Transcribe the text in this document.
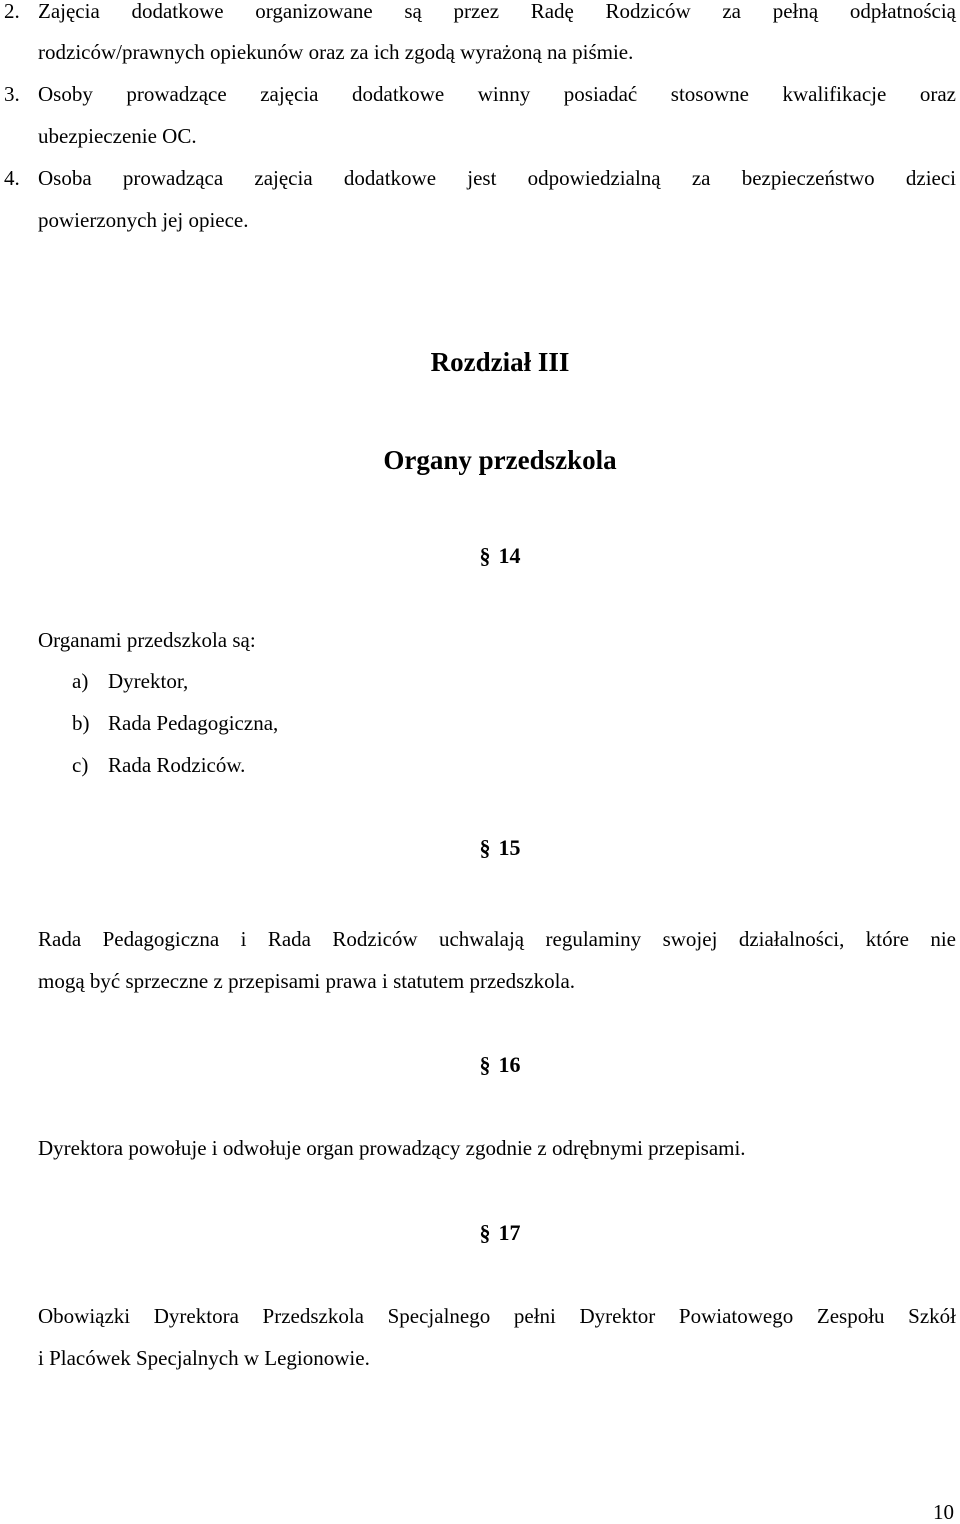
2. Zajęcia dodatkowe organizowane są przez Radę Rodziców za pełną odpłatnością
rodziców/prawnych opiekunów oraz za ich zgodą wyrażoną na piśmie.
3. Osoby prowadzące zajęcia dodatkowe winny posiadać stosowne kwalifikacje oraz
ubezpieczenie OC.
4. Osoba prowadząca zajęcia dodatkowe jest odpowiedzialną za bezpieczeństwo dzieci
powierzonych jej opiece.
Rozdział III
Organy przedszkola
§ 14
Organami przedszkola są:
a) Dyrektor,
b) Rada Pedagogiczna,
c) Rada Rodziców.
§ 15
Rada Pedagogiczna i Rada Rodziców uchwalają regulaminy swojej działalności, które nie
mogą być sprzeczne z przepisami prawa i statutem przedszkola.
§ 16
Dyrektora powołuje i odwołuje organ prowadzący zgodnie z odrębnymi przepisami.
§ 17
Obowiązki Dyrektora Przedszkola Specjalnego pełni Dyrektor Powiatowego Zespołu Szkół
i Placówek Specjalnych w Legionowie.
10
